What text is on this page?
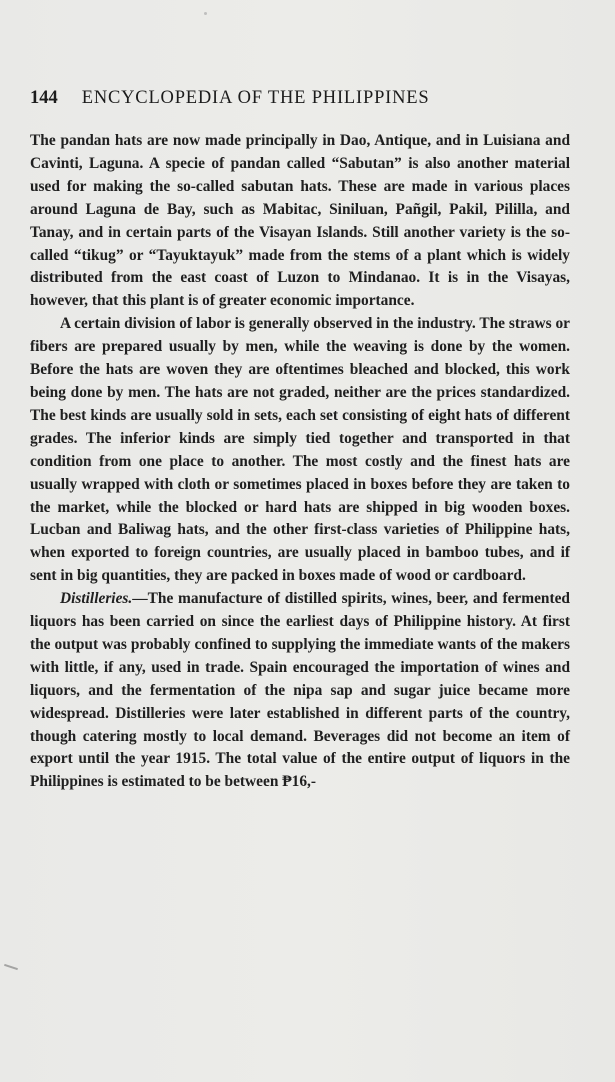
144 ENCYCLOPEDIA OF THE PHILIPPINES

The pandan hats are now made principally in Dao, Antique, and in Luisiana and Cavinti, Laguna. A specie of pandan called “Sabutan” is also another material used for making the so-called sabutan hats. These are made in various places around Laguna de Bay, such as Mabitac, Siniluan, Pañgil, Pakil, Pililla, and Tanay, and in certain parts of the Visayan Islands. Still another variety is the so-called “tikug” or “Tayuktayuk” made from the stems of a plant which is widely distributed from the east coast of Luzon to Mindanao. It is in the Visayas, however, that this plant is of greater economic importance.

A certain division of labor is generally observed in the industry. The straws or fibers are prepared usually by men, while the weaving is done by the women. Before the hats are woven they are oftentimes bleached and blocked, this work being done by men. The hats are not graded, neither are the prices standardized. The best kinds are usually sold in sets, each set consisting of eight hats of different grades. The inferior kinds are simply tied together and transported in that condition from one place to another. The most costly and the finest hats are usually wrapped with cloth or sometimes placed in boxes before they are taken to the market, while the blocked or hard hats are shipped in big wooden boxes. Lucban and Baliwag hats, and the other first-class varieties of Philippine hats, when exported to foreign countries, are usually placed in bamboo tubes, and if sent in big quantities, they are packed in boxes made of wood or cardboard.

Distilleries.—The manufacture of distilled spirits, wines, beer, and fermented liquors has been carried on since the earliest days of Philippine history. At first the output was probably confined to supplying the immediate wants of the makers with little, if any, used in trade. Spain encouraged the importation of wines and liquors, and the fermentation of the nipa sap and sugar juice became more widespread. Distilleries were later established in different parts of the country, though catering mostly to local demand. Beverages did not become an item of export until the year 1915. The total value of the entire output of liquors in the Philippines is estimated to be between ₱16,-
